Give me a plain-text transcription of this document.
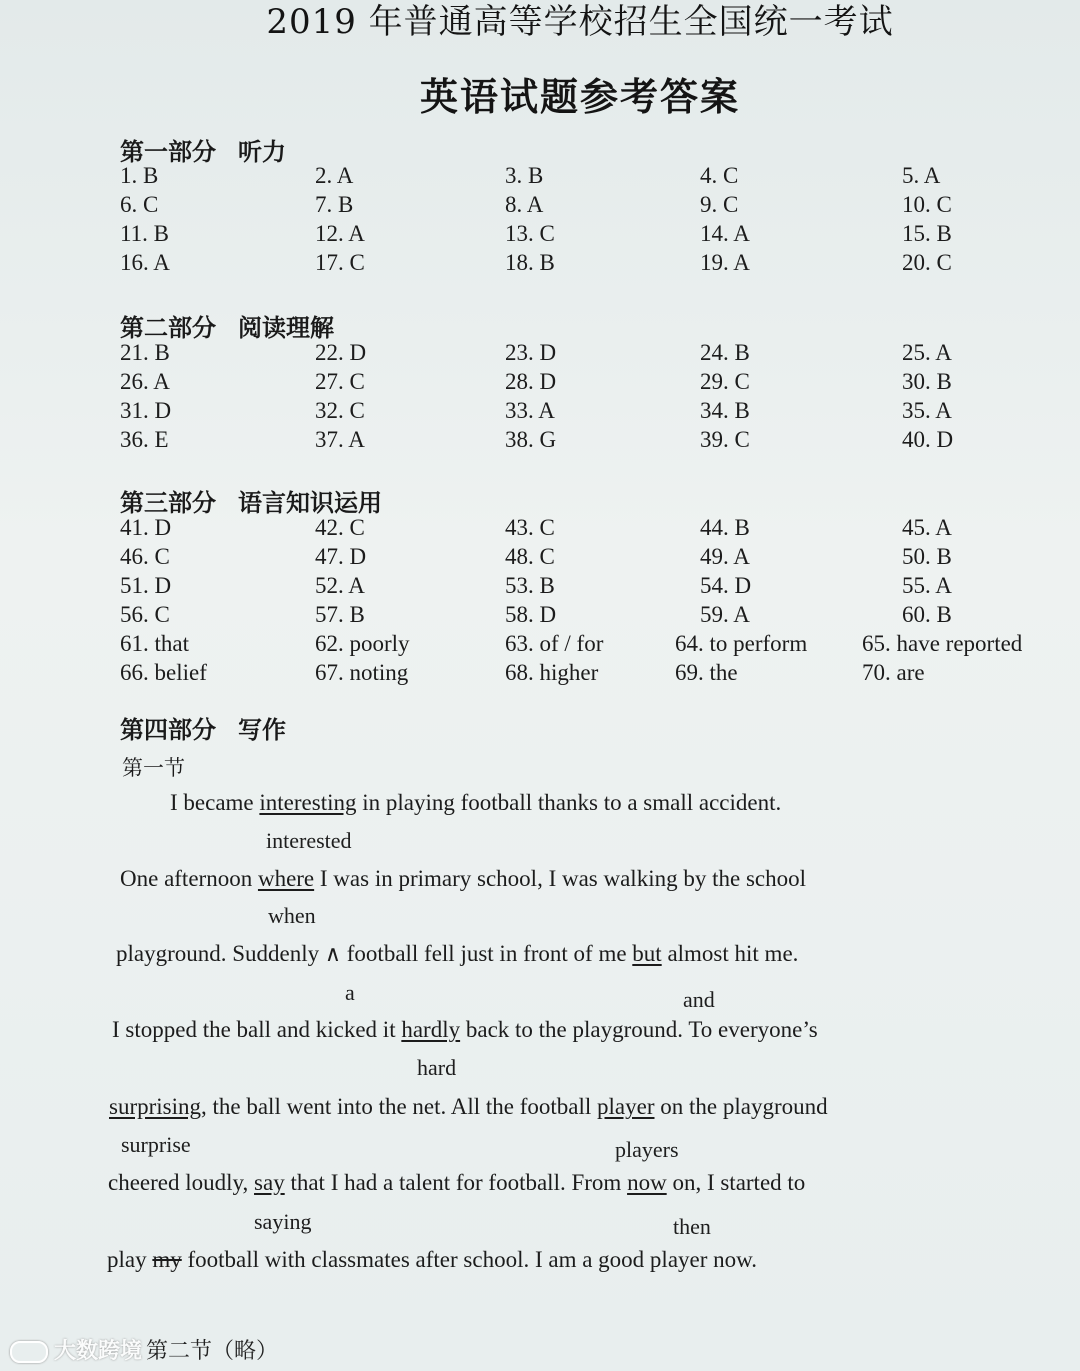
2019 年普通高等学校招生全国统一考试
英语试题参考答案
第一部分 听力
1. B	2. A	3. B	4. C	5. A
6. C	7. B	8. A	9. C	10. C
11. B	12. A	13. C	14. A	15. B
16. A	17. C	18. B	19. A	20. C
第二部分 阅读理解
21. B	22. D	23. D	24. B	25. A
26. A	27. C	28. D	29. C	30. B
31. D	32. C	33. A	34. B	35. A
36. E	37. A	38. G	39. C	40. D
第三部分 语言知识运用
41. D	42. C	43. C	44. B	45. A
46. C	47. D	48. C	49. A	50. B
51. D	52. A	53. B	54. D	55. A
56. C	57. B	58. D	59. A	60. B
61. that	62. poorly	63. of / for	64. to perform 65. have reported
66. belief	67. noting	68. higher	69. the	70. are
第四部分 写作
第一节
I became interesting in playing football thanks to a small accident.
interested
One afternoon where I was in primary school, I was walking by the school
when
playground. Suddenly ∧ football fell just in front of me but almost hit me.
a	and
I stopped the ball and kicked it hardly back to the playground. To everyone’s
hard
surprising, the ball went into the net. All the football player on the playground
surprise	players
cheered loudly, say that I had a talent for football. From now on, I started to
saying	then
play my football with classmates after school. I am a good player now.
大数跨境 第二节（略）
